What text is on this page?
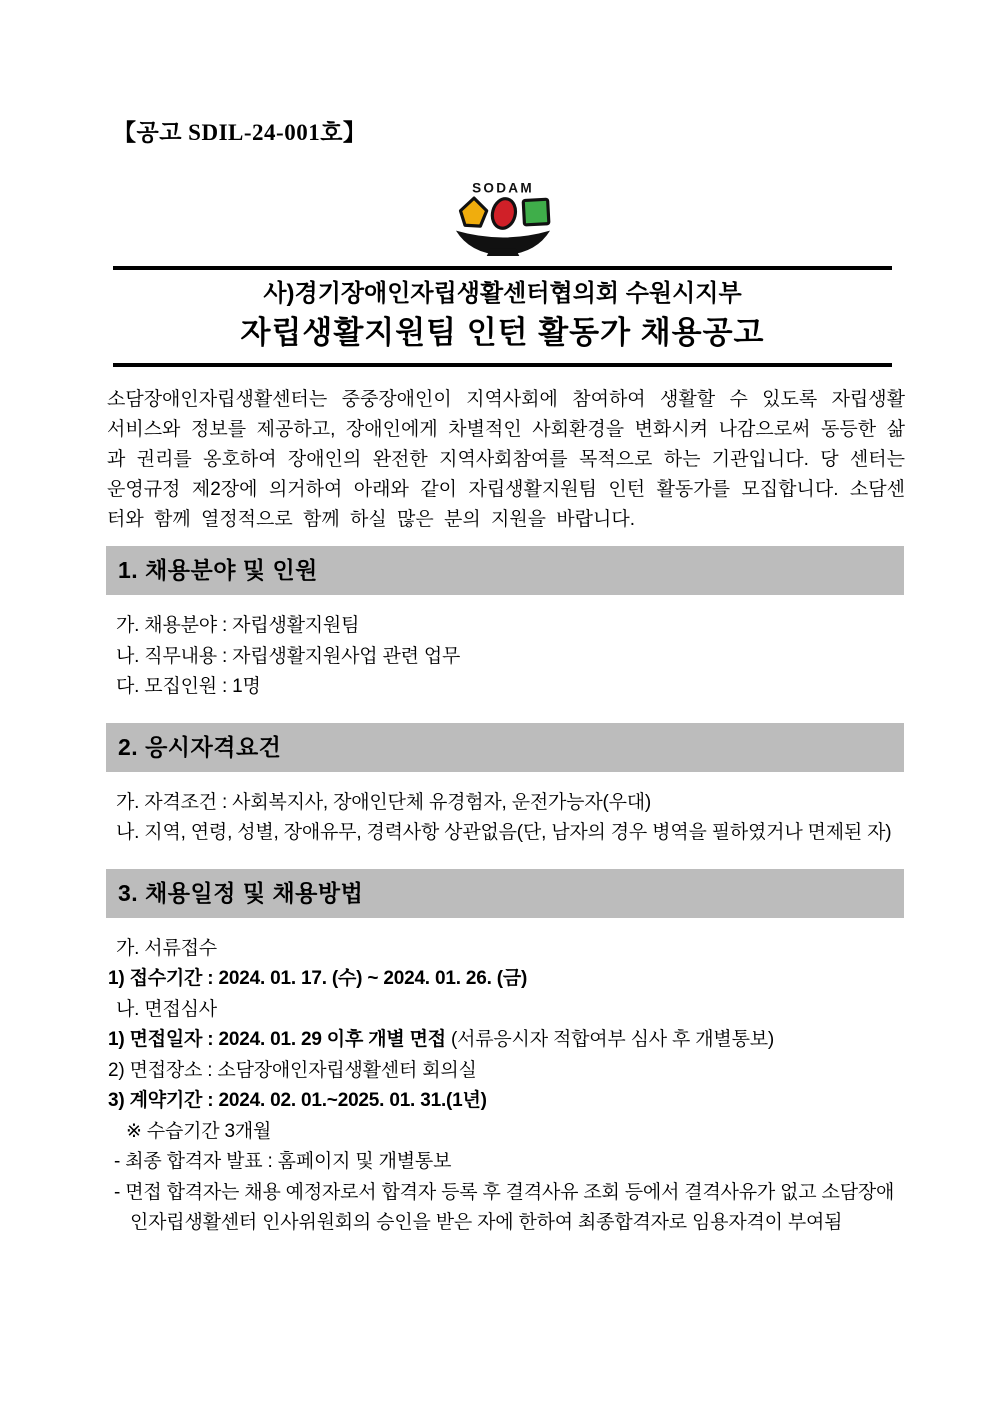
【공고 SDIL-24-001호】
SODAM
사)경기장애인자립생활센터협의회 수원시지부
자립생활지원팀 인턴 활동가 채용공고
소담장애인자립생활센터는 중중장애인이 지역사회에 참여하여 생활할 수 있도록 자립생활 서비스와 정보를 제공하고, 장애인에게 차별적인 사회환경을 변화시켜 나감으로써 동등한 삶과 권리를 옹호하여 장애인의 완전한 지역사회참여를 목적으로 하는 기관입니다. 당 센터는 운영규정 제2장에 의거하여 아래와 같이 자립생활지원팀 인턴 활동가를 모집합니다. 소담센터와 함께 열정적으로 함께 하실 많은 분의 지원을 바랍니다.
1. 채용분야 및 인원
가. 채용분야 : 자립생활지원팀
나. 직무내용 : 자립생활지원사업 관련 업무
다. 모집인원 : 1명
2. 응시자격요건
가. 자격조건 : 사회복지사, 장애인단체 유경험자, 운전가능자(우대)
나. 지역, 연령, 성별, 장애유무, 경력사항 상관없음(단, 남자의 경우 병역을 필하였거나 면제된 자)
3. 채용일정 및 채용방법
가. 서류접수
1) 접수기간 : 2024. 01. 17. (수) ~ 2024. 01. 26. (금)
나. 면접심사
1) 면접일자 : 2024. 01. 29 이후 개별 면접 (서류응시자 적합여부 심사 후 개별통보)
2) 면접장소 : 소담장애인자립생활센터 회의실
3) 계약기간 : 2024. 02. 01.~2025. 01. 31.(1년)
※ 수습기간 3개월
- 최종 합격자 발표 : 홈페이지 및 개별통보
- 면접 합격자는 채용 예정자로서 합격자 등록 후 결격사유 조회 등에서 결격사유가 없고 소담장애인자립생활센터 인사위원회의 승인을 받은 자에 한하여 최종합격자로 임용자격이 부여됨
